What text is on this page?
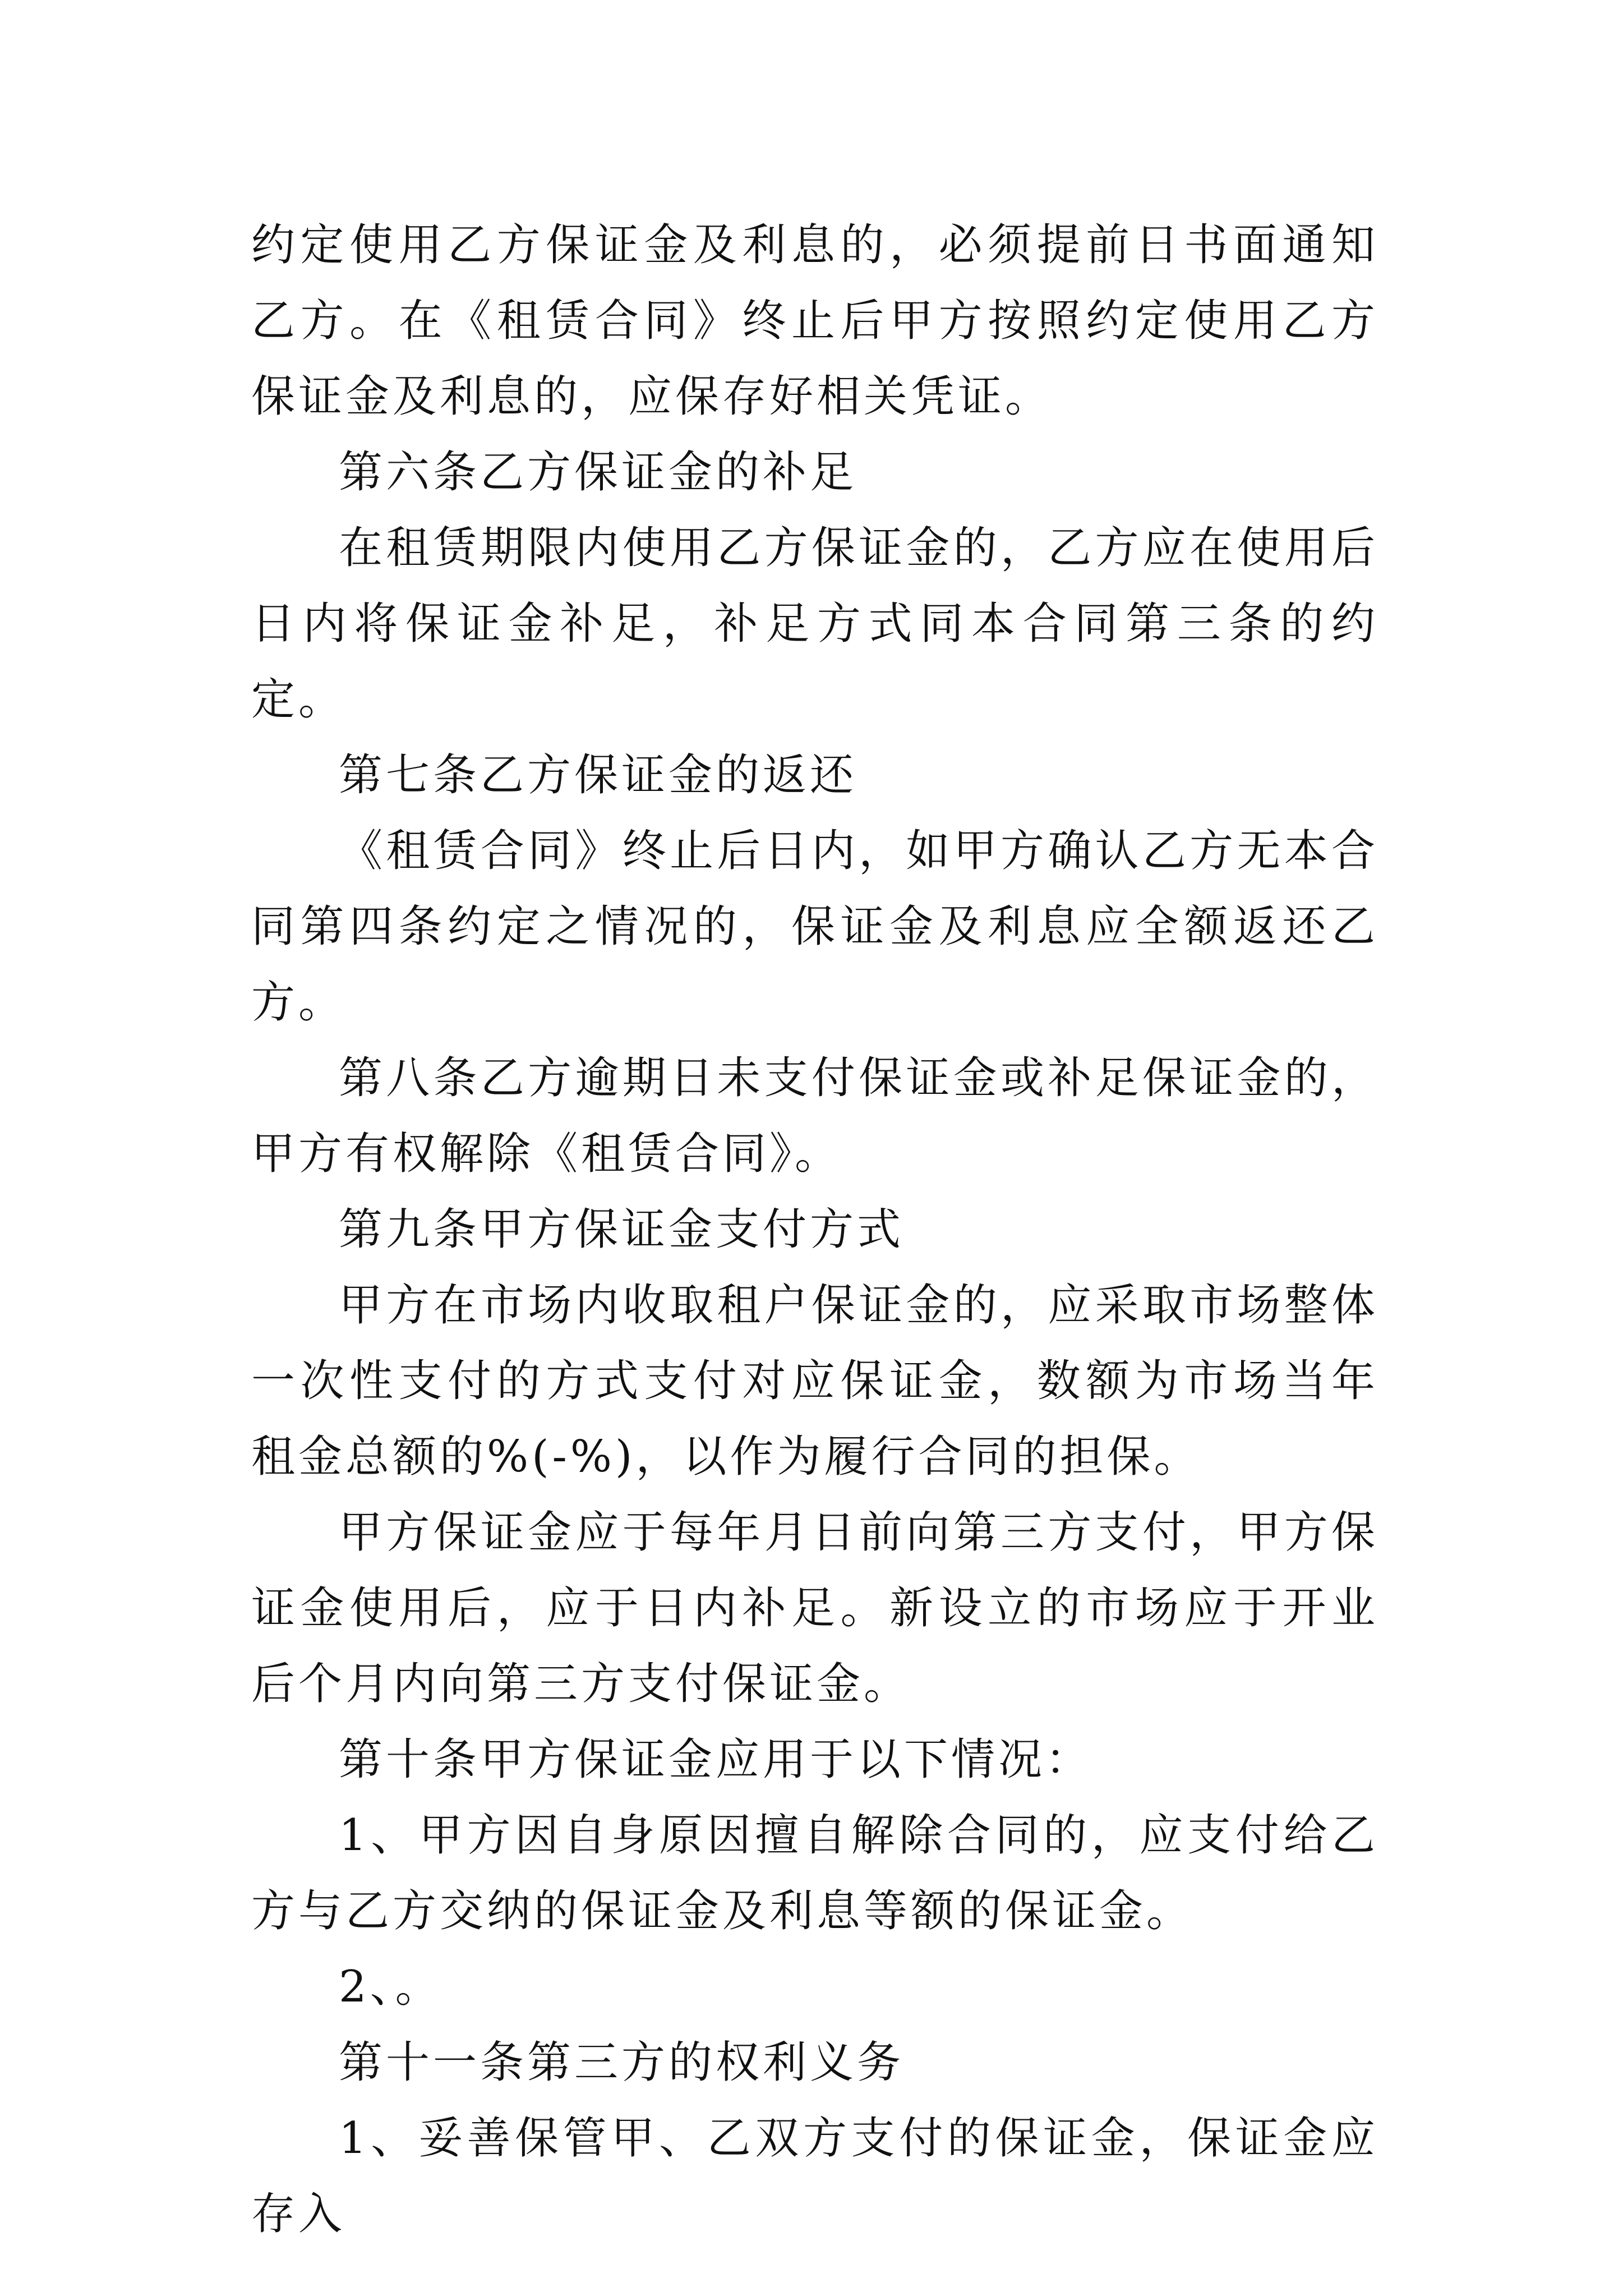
约定使用乙方保证金及利息的，必须提前日书面通知乙方。在《租赁合同》终止后甲方按照约定使用乙方保证金及利息的，应保存好相关凭证。

第六条乙方保证金的补足

在租赁期限内使用乙方保证金的，乙方应在使用后日内将保证金补足，补足方式同本合同第三条的约定。

第七条乙方保证金的返还

《租赁合同》终止后日内，如甲方确认乙方无本合同第四条约定之情况的，保证金及利息应全额返还乙方。

第八条乙方逾期日未支付保证金或补足保证金的，甲方有权解除《租赁合同》。

第九条甲方保证金支付方式

甲方在市场内收取租户保证金的，应采取市场整体一次性支付的方式支付对应保证金，数额为市场当年租金总额的%(-%)，以作为履行合同的担保。

甲方保证金应于每年月日前向第三方支付，甲方保证金使用后，应于日内补足。新设立的市场应于开业后个月内向第三方支付保证金。

第十条甲方保证金应用于以下情况：

1、甲方因自身原因擅自解除合同的，应支付给乙方与乙方交纳的保证金及利息等额的保证金。

2、。

第十一条第三方的权利义务

1、妥善保管甲、乙双方支付的保证金，保证金应存入
